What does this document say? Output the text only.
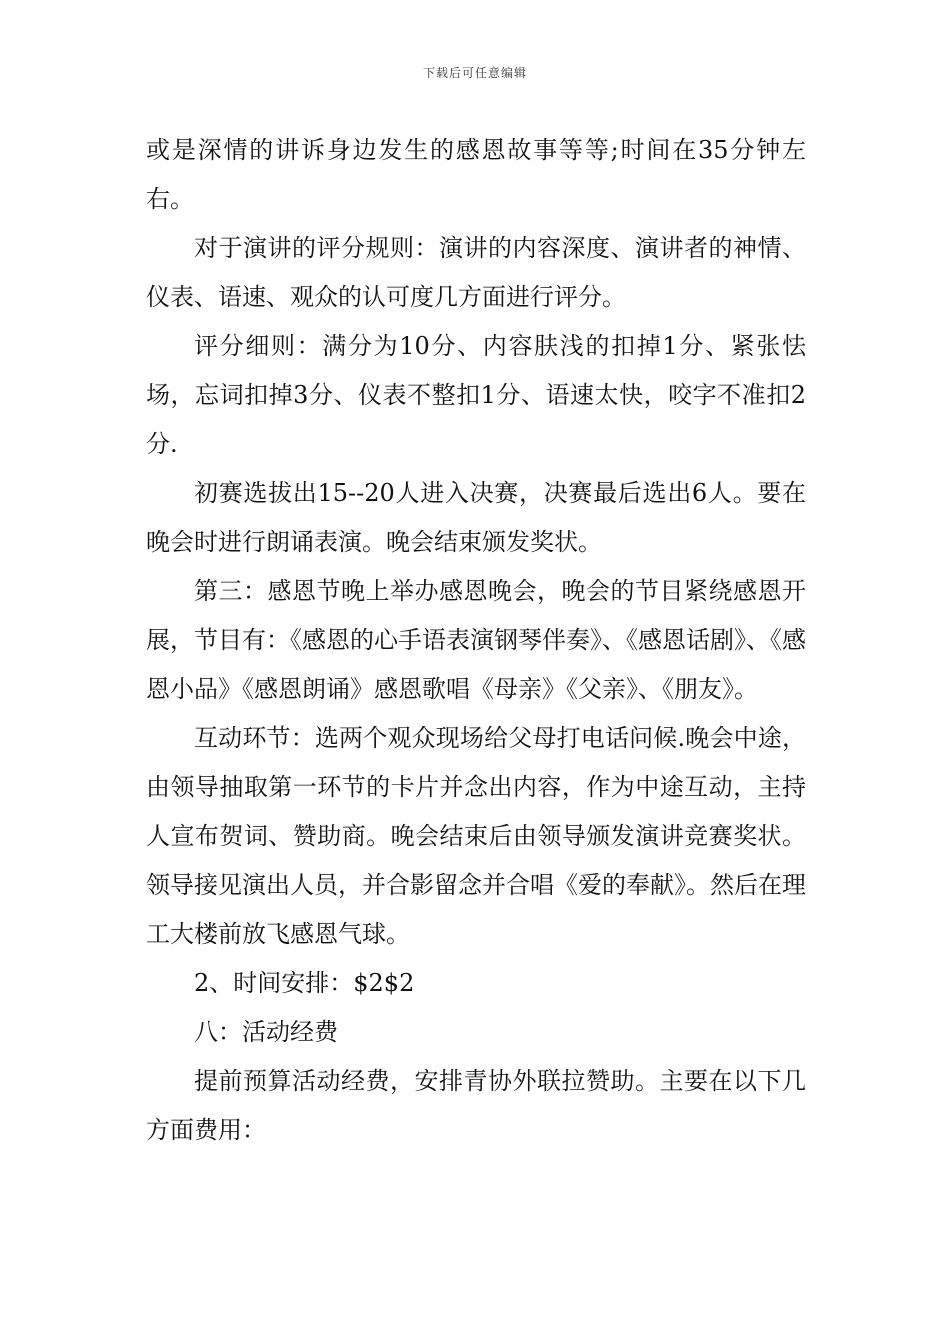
下载后可任意编辑

或是深情的讲诉身边发生的感恩故事等等;时间在35分钟左右。

对于演讲的评分规则：演讲的内容深度、演讲者的神情、仪表、语速、观众的认可度几方面进行评分。

评分细则：满分为10分、内容肤浅的扣掉1分、紧张怯场，忘词扣掉3分、仪表不整扣1分、语速太快，咬字不准扣2分.

初赛选拔出15--20人进入决赛，决赛最后选出6人。要在晚会时进行朗诵表演。晚会结束颁发奖状。

第三：感恩节晚上举办感恩晚会，晚会的节目紧绕感恩开展，节目有：《感恩的心手语表演钢琴伴奏》、《感恩话剧》、《感恩小品》《感恩朗诵》感恩歌唱《母亲》《父亲》、《朋友》。

互动环节：选两个观众现场给父母打电话问候.晚会中途，由领导抽取第一环节的卡片并念出内容，作为中途互动，主持人宣布贺词、赞助商。晚会结束后由领导颁发演讲竞赛奖状。领导接见演出人员，并合影留念并合唱《爱的奉献》。然后在理工大楼前放飞感恩气球。

2、时间安排：$2$2

八：活动经费

提前预算活动经费，安排青协外联拉赞助。主要在以下几方面费用：
